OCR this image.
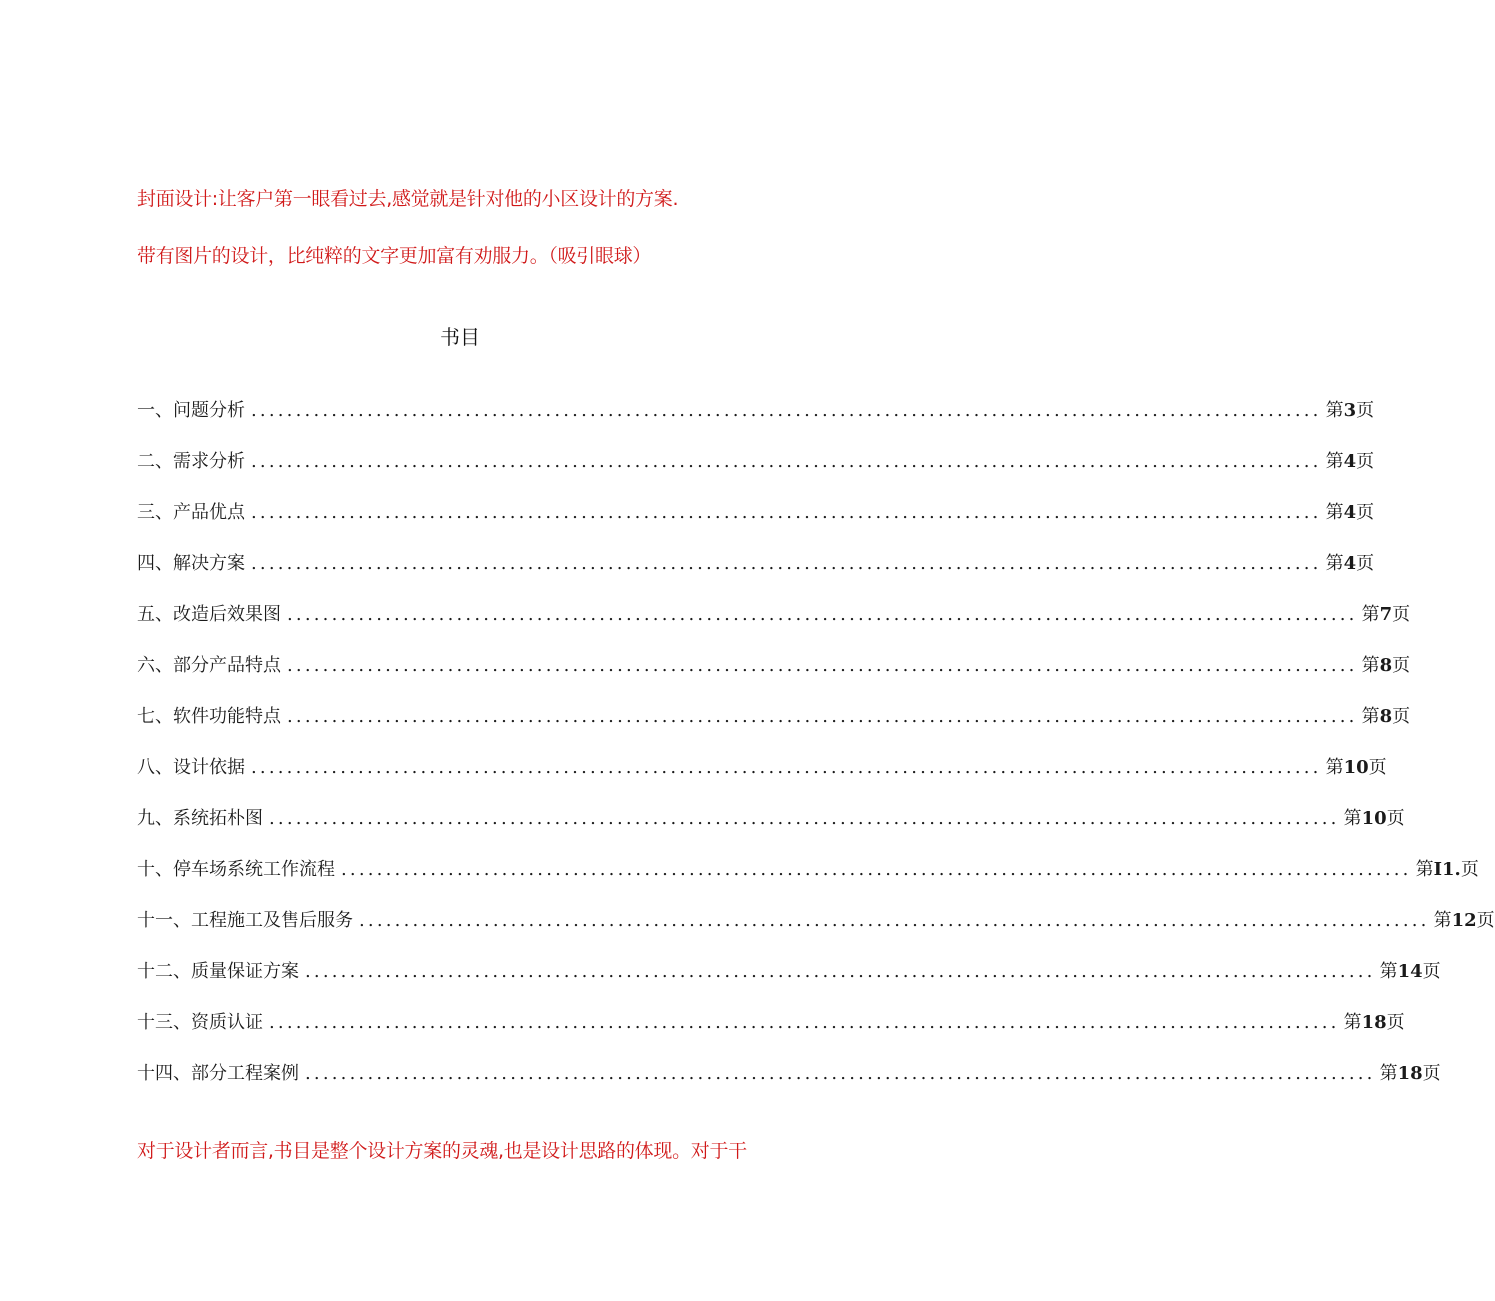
封面设计:让客户第一眼看过去,感觉就是针对他的小区设计的方案.
带有图片的设计，比纯粹的文字更加富有劝服力。（吸引眼球）
书目
一、问题分析 ........................................................................................................................ 第3页
二、需求分析 ........................................................................................................................ 第4页
三、产品优点 ........................................................................................................................ 第4页
四、解决方案 ........................................................................................................................ 第4页
五、改造后效果图 ........................................................................................................................ 第7页
六、部分产品特点 ........................................................................................................................ 第8页
七、软件功能特点 ........................................................................................................................ 第8页
八、设计依据 ........................................................................................................................ 第10页
九、系统拓朴图 ........................................................................................................................ 第10页
十、停车场系统工作流程 ........................................................................................................................ 第I1.页
十一、工程施工及售后服务 ........................................................................................................................ 第12页
十二、质量保证方案 ........................................................................................................................ 第14页
十三、资质认证 ........................................................................................................................ 第18页
十四、部分工程案例 ........................................................................................................................ 第18页
对于设计者而言,书目是整个设计方案的灵魂,也是设计思路的体现。对于干
